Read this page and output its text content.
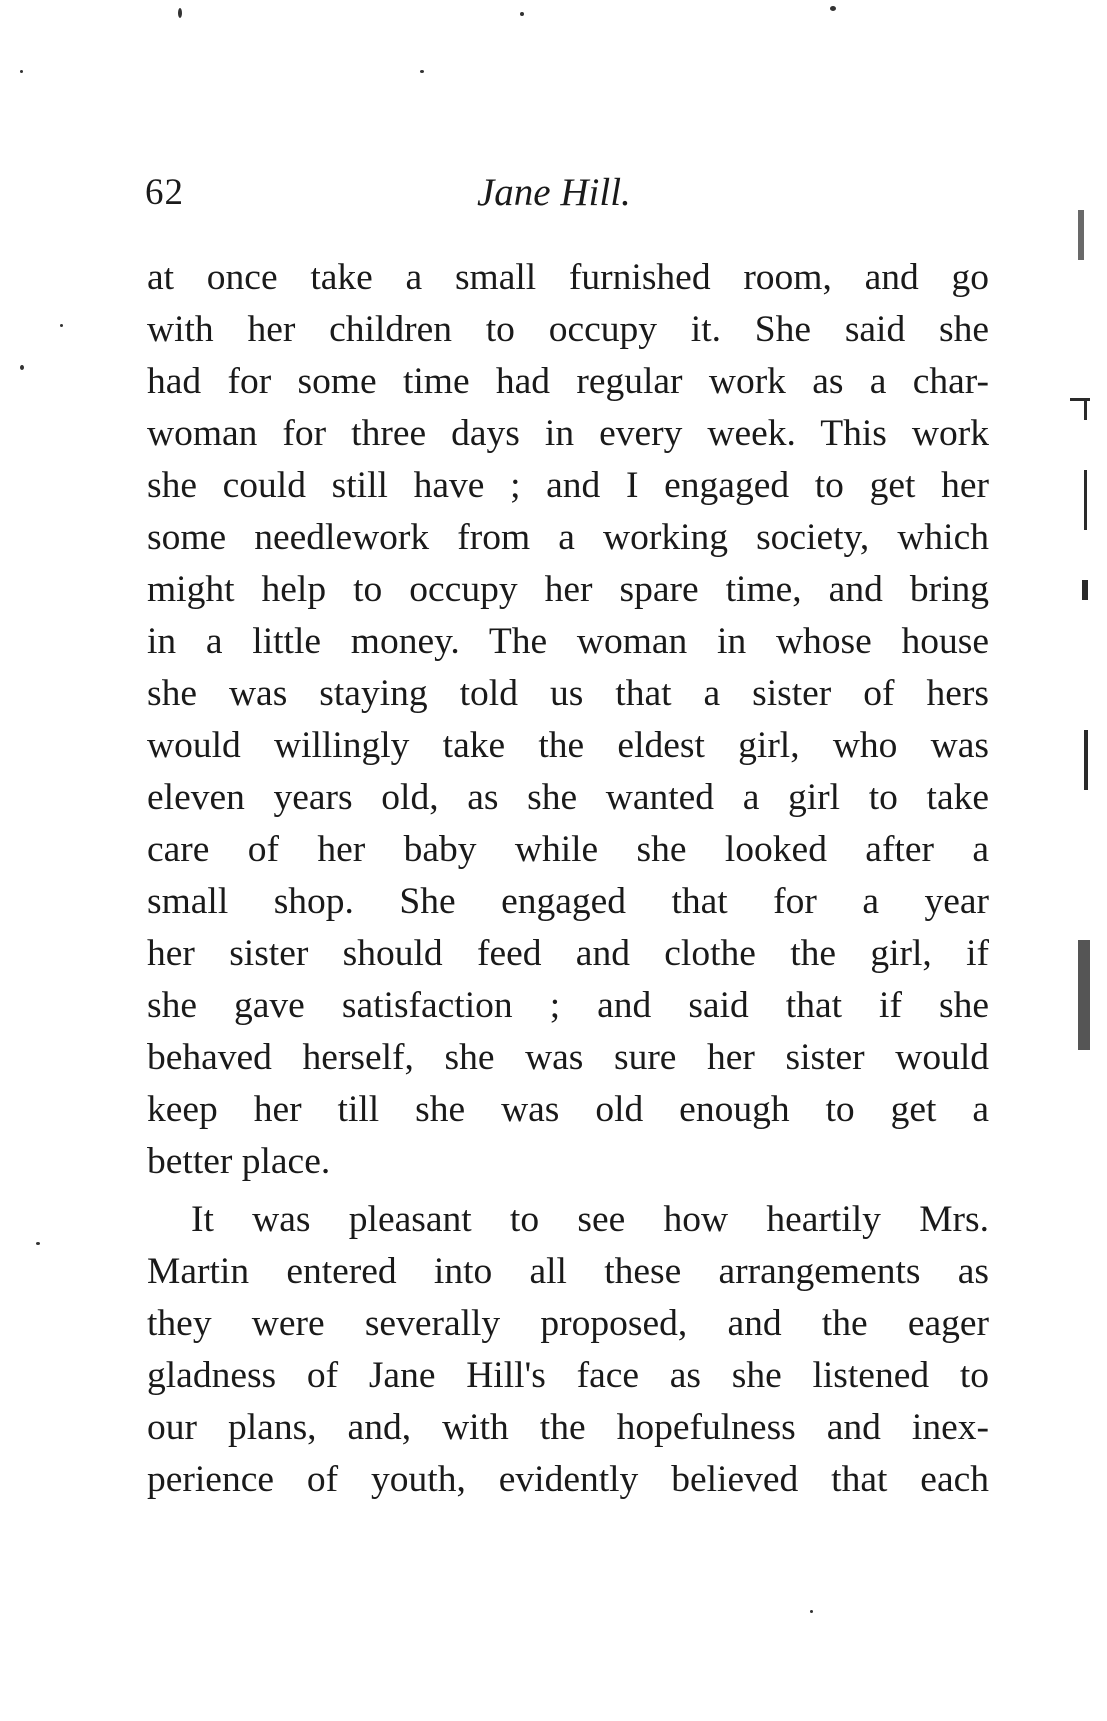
62	Jane Hill.
at once take a small furnished room, and go
with her children to occupy it. She said she
had for some time had regular work as a char-
woman for three days in every week. This work
she could still have ; and I engaged to get her
some needlework from a working society, which
might help to occupy her spare time, and bring
in a little money. The woman in whose house
she was staying told us that a sister of hers
would willingly take the eldest girl, who was
eleven years old, as she wanted a girl to take
care of her baby while she looked after a
small shop. She engaged that for a year
her sister should feed and clothe the girl, if
she gave satisfaction ; and said that if she
behaved herself, she was sure her sister would
keep her till she was old enough to get a
better place.
It was pleasant to see how heartily Mrs.
Martin entered into all these arrangements as
they were severally proposed, and the eager
gladness of Jane Hill's face as she listened to
our plans, and, with the hopefulness and inex-
perience of youth, evidently believed that each
